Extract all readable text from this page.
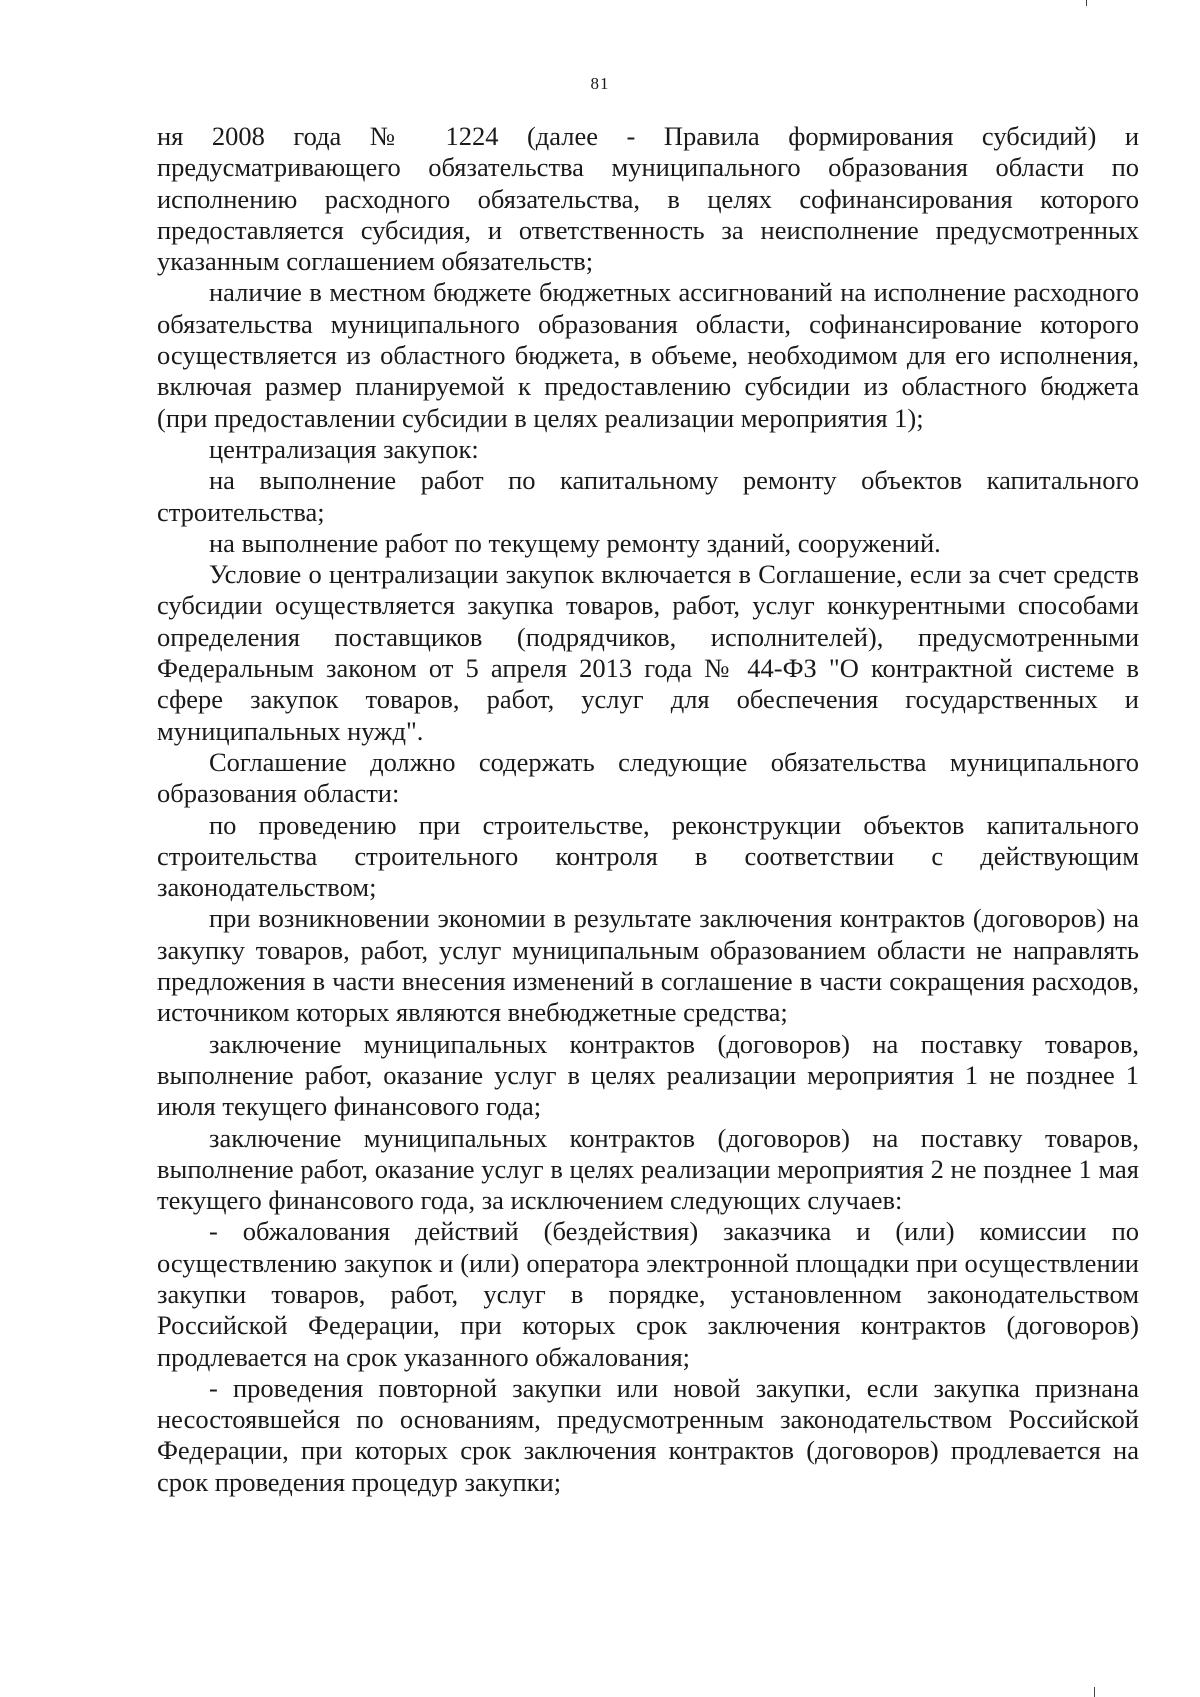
81

ня 2008 года № 1224 (далее - Правила формирования субсидий) и предусматривающего обязательства муниципального образования области по исполнению расходного обязательства, в целях софинансирования которого предоставляется субсидия, и ответственность за неисполнение предусмотренных указанным соглашением обязательств;

наличие в местном бюджете бюджетных ассигнований на исполнение расходного обязательства муниципального образования области, софинансирование которого осуществляется из областного бюджета, в объеме, необходимом для его исполнения, включая размер планируемой к предоставлению субсидии из областного бюджета (при предоставлении субсидии в целях реализации мероприятия 1);

централизация закупок:

на выполнение работ по капитальному ремонту объектов капитального строительства;

на выполнение работ по текущему ремонту зданий, сооружений.

Условие о централизации закупок включается в Соглашение, если за счет средств субсидии осуществляется закупка товаров, работ, услуг конкурентными способами определения поставщиков (подрядчиков, исполнителей), предусмотренными Федеральным законом от 5 апреля 2013 года № 44-ФЗ "О контрактной системе в сфере закупок товаров, работ, услуг для обеспечения государственных и муниципальных нужд".

Соглашение должно содержать следующие обязательства муниципального образования области:

по проведению при строительстве, реконструкции объектов капитального строительства строительного контроля в соответствии с действующим законодательством;

при возникновении экономии в результате заключения контрактов (договоров) на закупку товаров, работ, услуг муниципальным образованием области не направлять предложения в части внесения изменений в соглашение в части сокращения расходов, источником которых являются внебюджетные средства;

заключение муниципальных контрактов (договоров) на поставку товаров, выполнение работ, оказание услуг в целях реализации мероприятия 1 не позднее 1 июля текущего финансового года;

заключение муниципальных контрактов (договоров) на поставку товаров, выполнение работ, оказание услуг в целях реализации мероприятия 2 не позднее 1 мая текущего финансового года, за исключением следующих случаев:

- обжалования действий (бездействия) заказчика и (или) комиссии по осуществлению закупок и (или) оператора электронной площадки при осуществлении закупки товаров, работ, услуг в порядке, установленном законодательством Российской Федерации, при которых срок заключения контрактов (договоров) продлевается на срок указанного обжалования;

- проведения повторной закупки или новой закупки, если закупка признана несостоявшейся по основаниям, предусмотренным законодательством Российской Федерации, при которых срок заключения контрактов (договоров) продлевается на срок проведения процедур закупки;
